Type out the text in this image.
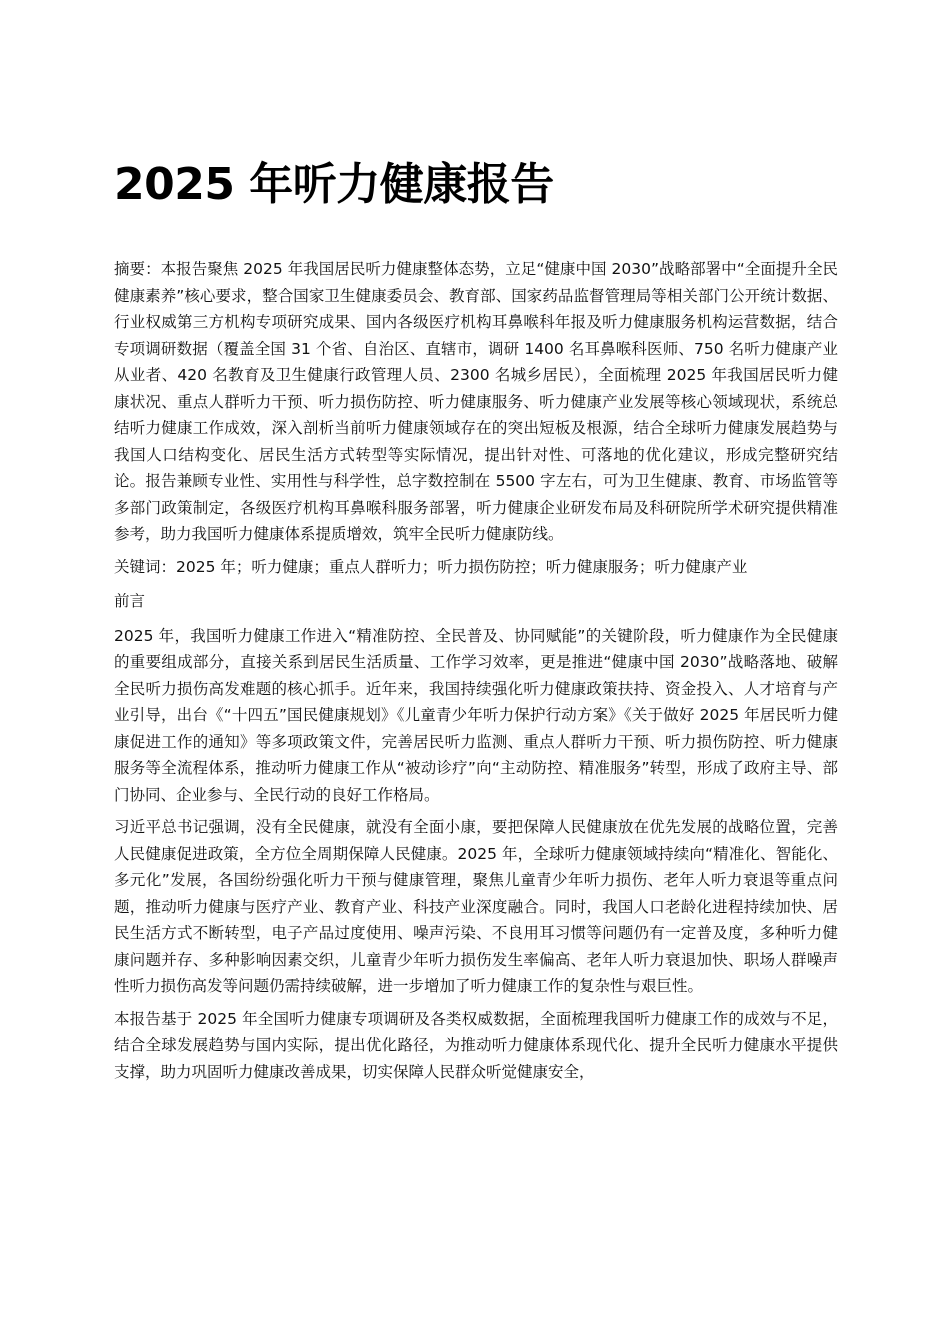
2025 年听力健康报告

摘要：本报告聚焦 2025 年我国居民听力健康整体态势，立足“健康中国 2030”战略部署中“全面提升全民健康素养”核心要求，整合国家卫生健康委员会、教育部、国家药品监督管理局等相关部门公开统计数据、行业权威第三方机构专项研究成果、国内各级医疗机构耳鼻喉科年报及听力健康服务机构运营数据，结合专项调研数据（覆盖全国 31 个省、自治区、直辖市，调研 1400 名耳鼻喉科医师、750 名听力健康产业从业者、420 名教育及卫生健康行政管理人员、2300 名城乡居民），全面梳理 2025 年我国居民听力健康状况、重点人群听力干预、听力损伤防控、听力健康服务、听力健康产业发展等核心领域现状，系统总结听力健康工作成效，深入剖析当前听力健康领域存在的突出短板及根源，结合全球听力健康发展趋势与我国人口结构变化、居民生活方式转型等实际情况，提出针对性、可落地的优化建议，形成完整研究结论。报告兼顾专业性、实用性与科学性，总字数控制在 5500 字左右，可为卫生健康、教育、市场监管等多部门政策制定，各级医疗机构耳鼻喉科服务部署，听力健康企业研发布局及科研院所学术研究提供精准参考，助力我国听力健康体系提质增效，筑牢全民听力健康防线。

关键词：2025 年；听力健康；重点人群听力；听力损伤防控；听力健康服务；听力健康产业

前言

2025 年，我国听力健康工作进入“精准防控、全民普及、协同赋能”的关键阶段，听力健康作为全民健康的重要组成部分，直接关系到居民生活质量、工作学习效率，更是推进“健康中国 2030”战略落地、破解全民听力损伤高发难题的核心抓手。近年来，我国持续强化听力健康政策扶持、资金投入、人才培育与产业引导，出台《“十四五”国民健康规划》《儿童青少年听力保护行动方案》《关于做好 2025 年居民听力健康促进工作的通知》等多项政策文件，完善居民听力监测、重点人群听力干预、听力损伤防控、听力健康服务等全流程体系，推动听力健康工作从“被动诊疗”向“主动防控、精准服务”转型，形成了政府主导、部门协同、企业参与、全民行动的良好工作格局。

习近平总书记强调，没有全民健康，就没有全面小康，要把保障人民健康放在优先发展的战略位置，完善人民健康促进政策，全方位全周期保障人民健康。2025 年，全球听力健康领域持续向“精准化、智能化、多元化”发展，各国纷纷强化听力干预与健康管理，聚焦儿童青少年听力损伤、老年人听力衰退等重点问题，推动听力健康与医疗产业、教育产业、科技产业深度融合。同时，我国人口老龄化进程持续加快、居民生活方式不断转型，电子产品过度使用、噪声污染、不良用耳习惯等问题仍有一定普及度，多种听力健康问题并存、多种影响因素交织，儿童青少年听力损伤发生率偏高、老年人听力衰退加快、职场人群噪声性听力损伤高发等问题仍需持续破解，进一步增加了听力健康工作的复杂性与艰巨性。

本报告基于 2025 年全国听力健康专项调研及各类权威数据，全面梳理我国听力健康工作的成效与不足，结合全球发展趋势与国内实际，提出优化路径，为推动听力健康体系现代化、提升全民听力健康水平提供支撑，助力巩固听力健康改善成果，切实保障人民群众听觉健康安全，
